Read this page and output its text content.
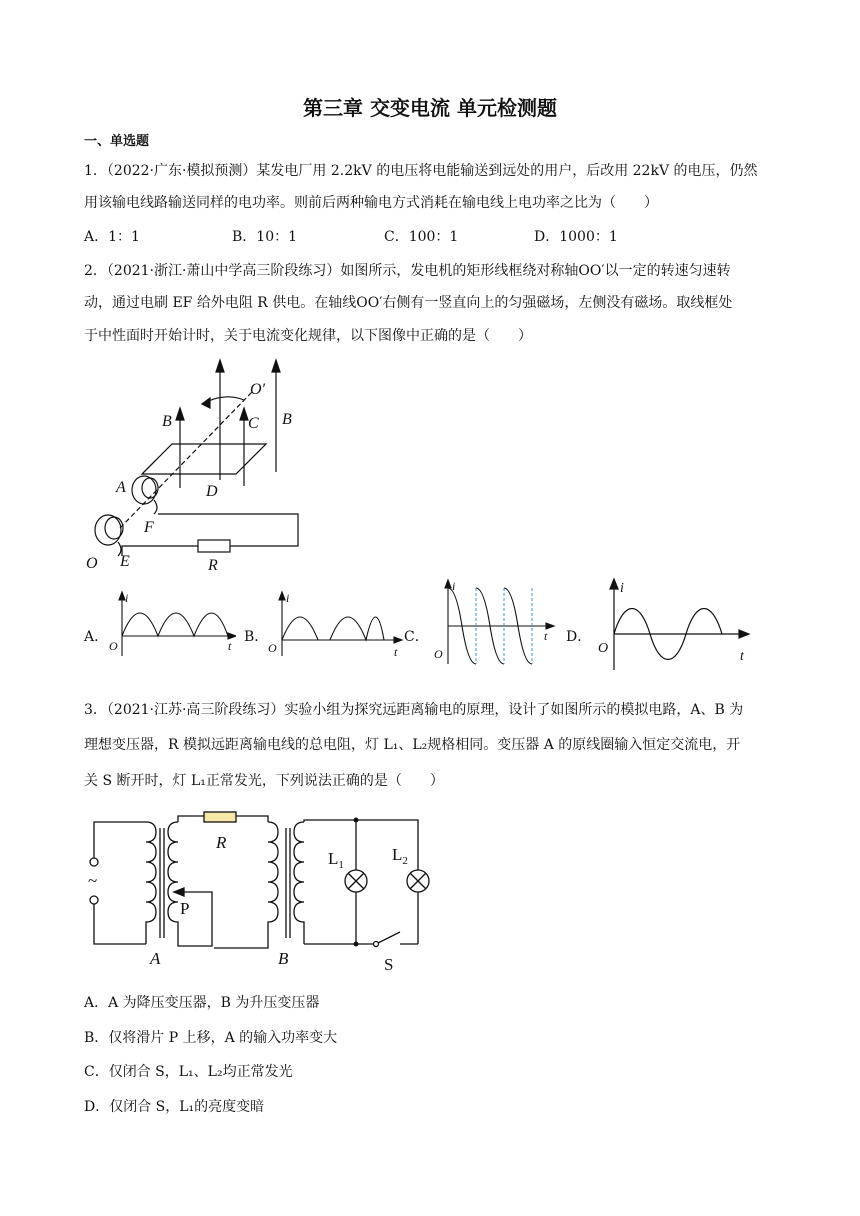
第三章 交变电流 单元检测题
一、单选题
1．（2022·广东·模拟预测）某发电厂用 2.2kV 的电压将电能输送到远处的用户，后改用 22kV 的电压，仍然
用该输电线路输送同样的电功率。则前后两种输电方式消耗在输电线上电功率之比为（　　）
A．1：1	B．10：1	C．100：1	D．1000：1
2．（2021·浙江·萧山中学高三阶段练习）如图所示，发电机的矩形线框绕对称轴OO′以一定的转速匀速转
动，通过电刷 EF 给外电阻 R 供电。在轴线OO′右侧有一竖直向上的匀强磁场，左侧没有磁场。取线框处
于中性面时开始计时，关于电流变化规律，以下图像中正确的是（　　）
B	C
O′
B
A	D
F
O E	R
A．
i
O	t
B．
i
O	t
C．
i
O
t D．
i
O
t
3．（2021·江苏·高三阶段练习）实验小组为探究远距离输电的原理，设计了如图所示的模拟电路，A、B 为
理想变压器，R 模拟远距离输电线的总电阻，灯 L₁、L₂规格相同。变压器 A 的原线圈输入恒定交流电，开
关 S 断开时，灯 L₁正常发光，下列说法正确的是（　　）
R
P
A	B
$L_1$
$L_2$
S
~
A．A 为降压变压器，B 为升压变压器
B．仅将滑片 P 上移，A 的输入功率变大
C．仅闭合 S，L₁、L₂均正常发光
D．仅闭合 S，L₁的亮度变暗
